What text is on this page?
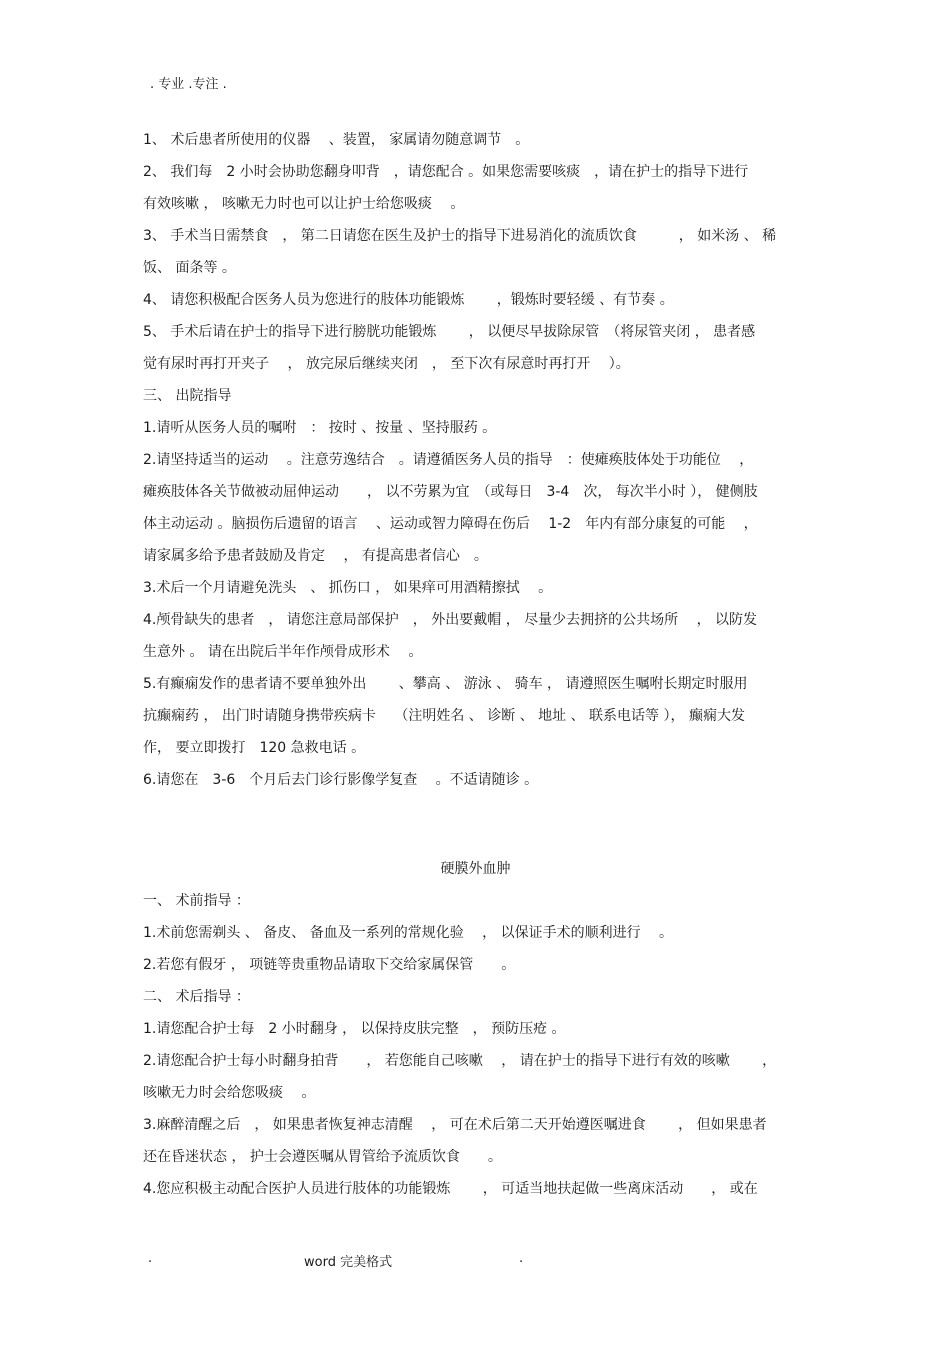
. 专业 .专注 .
1、 术后患者所使用的仪器　 、装置， 家属请勿随意调节　。
2、 我们每　2 小时会协助您翻身叩背　，请您配合 。如果您需要咳痰　，请在护士的指导下进行
有效咳嗽 ， 咳嗽无力时也可以让护士给您吸痰　 。
3、 手术当日需禁食　， 第二日请您在医生及护士的指导下进易消化的流质饮食　　　， 如米汤 、 稀
饭、 面条等 。
4、 请您积极配合医务人员为您进行的肢体功能锻炼　　 ，锻炼时要轻缓 、有节奏 。
5、 手术后请在护士的指导下进行膀胱功能锻炼　　 ， 以便尽早拔除尿管　（将尿管夹闭 ， 患者感
觉有尿时再打开夹子　 ， 放完尿后继续夹闭　， 至下次有尿意时再打开　 ）。
三、 出院指导
1.请听从医务人员的嘱咐　： 按时 、按量 、坚持服药 。
2.请坚持适当的运动　 。注意劳逸结合　。请遵循医务人员的指导　：使瘫痪肢体处于功能位　 ，
瘫痪肢体各关节做被动屈伸运动　　， 以不劳累为宜　（或每日　3-4　次， 每次半小时 ）， 健侧肢
体主动运动 。脑损伤后遗留的语言　 、运动或智力障碍在伤后　 1-2　年内有部分康复的可能　 ，
请家属多给予患者鼓励及肯定　 ， 有提高患者信心　。
3.术后一个月请避免洗头　、 抓伤口 ， 如果痒可用酒精擦拭　 。
4.颅骨缺失的患者　， 请您注意局部保护　， 外出要戴帽 ， 尽量少去拥挤的公共场所　 ， 以防发
生意外 。 请在出院后半年作颅骨成形术　 。
5.有癫痫发作的患者请不要单独外出　　 、攀高 、 游泳 、 骑车 ， 请遵照医生嘱咐长期定时服用
抗癫痫药 ， 出门时请随身携带疾病卡　 （注明姓名 、 诊断 、 地址 、 联系电话等 ）， 癫痫大发
作， 要立即拨打　120 急救电话 。
6.请您在　3-6　个月后去门诊行影像学复查　 。不适请随诊 。
硬膜外血肿
一、 术前指导 ：
1.术前您需剃头 、 备皮、 备血及一系列的常规化验　 ， 以保证手术的顺利进行　 。
2.若您有假牙 ， 项链等贵重物品请取下交给家属保管　　。
二、 术后指导 ：
1.请您配合护士每　2 小时翻身 ， 以保持皮肤完整　， 预防压疮 。
2.请您配合护士每小时翻身拍背　　， 若您能自己咳嗽　 ， 请在护士的指导下进行有效的咳嗽　　 ，
咳嗽无力时会给您吸痰　 。
3.麻醉清醒之后　， 如果患者恢复神志清醒　 ， 可在术后第二天开始遵医嘱进食　　 ， 但如果患者
还在昏迷状态 ， 护士会遵医嘱从胃管给予流质饮食　　。
4.您应积极主动配合医护人员进行肢体的功能锻炼　　 ， 可适当地扶起做一些离床活动　　， 或在
.	word 完美格式	.
